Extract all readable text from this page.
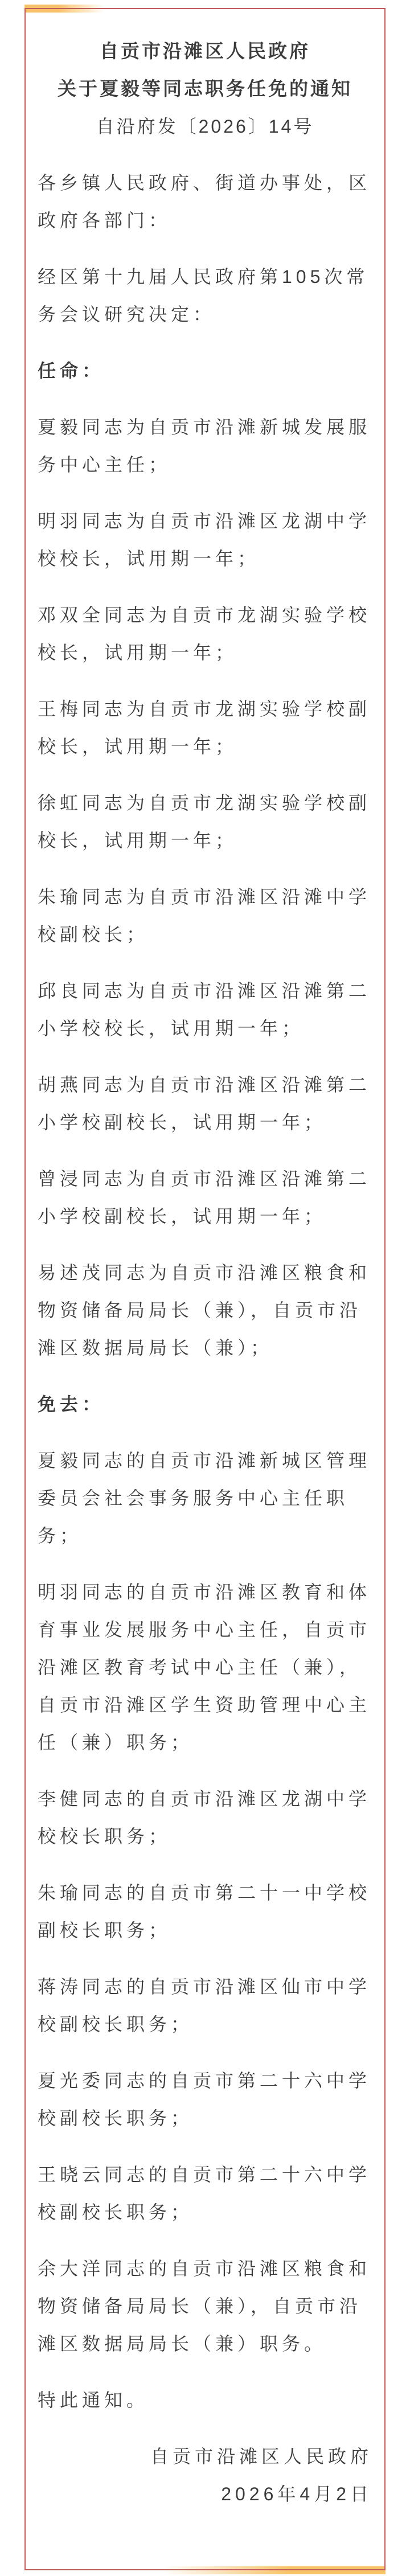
自贡市沿滩区人民政府
关于夏毅等同志职务任免的通知
自沿府发〔2026〕14号

各乡镇人民政府、街道办事处，区政府各部门：

经区第十九届人民政府第105次常务会议研究决定：

任命：

夏毅同志为自贡市沿滩新城发展服务中心主任；

明羽同志为自贡市沿滩区龙湖中学校校长，试用期一年；

邓双全同志为自贡市龙湖实验学校校长，试用期一年；

王梅同志为自贡市龙湖实验学校副校长，试用期一年；

徐虹同志为自贡市龙湖实验学校副校长，试用期一年；

朱瑜同志为自贡市沿滩区沿滩中学校副校长；

邱良同志为自贡市沿滩区沿滩第二小学校校长，试用期一年；

胡燕同志为自贡市沿滩区沿滩第二小学校副校长，试用期一年；

曾浸同志为自贡市沿滩区沿滩第二小学校副校长，试用期一年；

易述茂同志为自贡市沿滩区粮食和物资储备局局长（兼），自贡市沿滩区数据局局长（兼）；

免去：

夏毅同志的自贡市沿滩新城区管理委员会社会事务服务中心主任职务；

明羽同志的自贡市沿滩区教育和体育事业发展服务中心主任，自贡市沿滩区教育考试中心主任（兼），自贡市沿滩区学生资助管理中心主任（兼）职务；

李健同志的自贡市沿滩区龙湖中学校校长职务；

朱瑜同志的自贡市第二十一中学校副校长职务；

蒋涛同志的自贡市沿滩区仙市中学校副校长职务；

夏光委同志的自贡市第二十六中学校副校长职务；

王晓云同志的自贡市第二十六中学校副校长职务；

余大洋同志的自贡市沿滩区粮食和物资储备局局长（兼），自贡市沿滩区数据局局长（兼）职务。

特此通知。

自贡市沿滩区人民政府

2026年4月2日
